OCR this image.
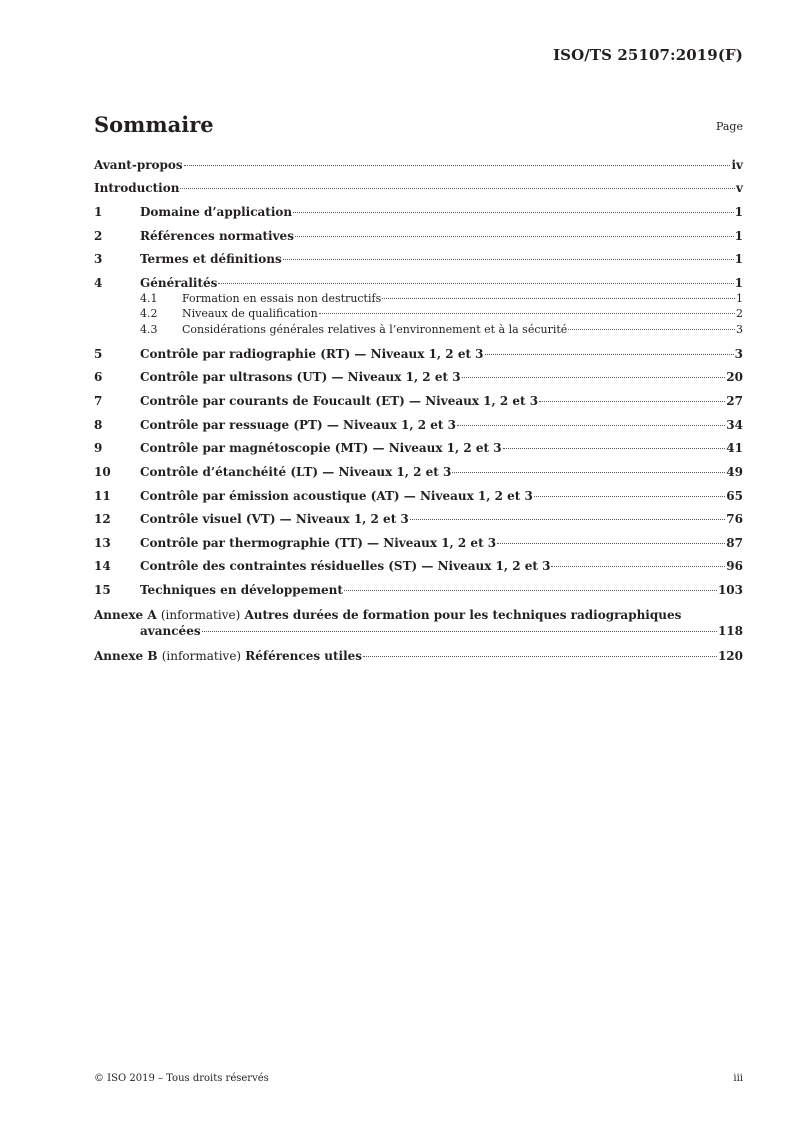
ISO/TS 25107:2019(F)
Sommaire	Page
Avant-propos	iv
Introduction	v
1	Domaine d’application	1
2	Références normatives	1
3	Termes et définitions	1
4	Généralités	1
4.1	Formation en essais non destructifs	1
4.2	Niveaux de qualification	2
4.3	Considérations générales relatives à l’environnement et à la sécurité	3
5	Contrôle par radiographie (RT) — Niveaux 1, 2 et 3	3
6	Contrôle par ultrasons (UT) — Niveaux 1, 2 et 3	20
7	Contrôle par courants de Foucault (ET) — Niveaux 1, 2 et 3	27
8	Contrôle par ressuage (PT) — Niveaux 1, 2 et 3	34
9	Contrôle par magnétoscopie (MT) — Niveaux 1, 2 et 3	41
10	Contrôle d’étanchéité (LT) — Niveaux 1, 2 et 3	49
11	Contrôle par émission acoustique (AT) — Niveaux 1, 2 et 3	65
12	Contrôle visuel (VT) — Niveaux 1, 2 et 3	76
13	Contrôle par thermographie (TT) — Niveaux 1, 2 et 3	87
14	Contrôle des contraintes résiduelles (ST) — Niveaux 1, 2 et 3	96
15	Techniques en développement	103
Annexe A (informative) Autres durées de formation pour les techniques radiographiques
avancées	118
Annexe B (informative) Références utiles	120
© ISO 2019 – Tous droits réservés	iii
